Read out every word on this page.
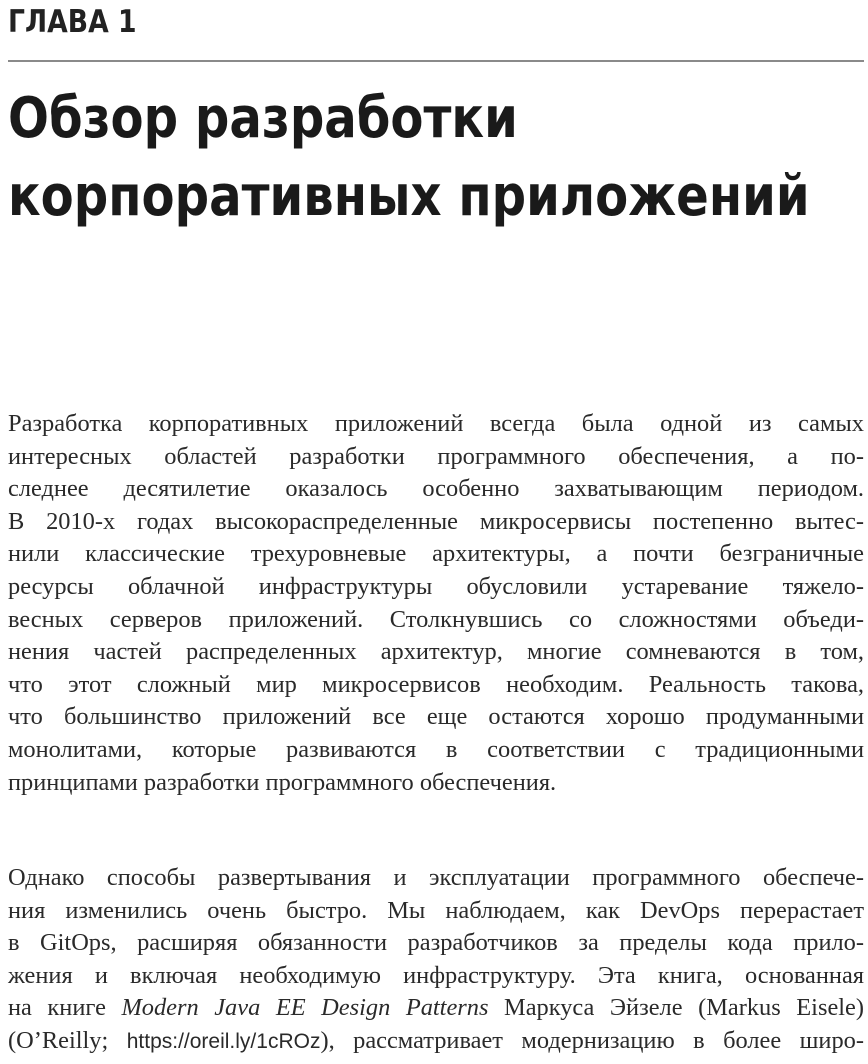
ГЛАВА 1
Обзор разработки
корпоративных приложений
Разработка корпоративных приложений всегда была одной из самых
интересных областей разработки программного обеспечения, а по-
следнее десятилетие оказалось особенно захватывающим периодом.
В 2010-х годах высокораспределенные микросервисы постепенно вытес-
нили классические трехуровневые архитектуры, а почти безграничные
ресурсы облачной инфраструктуры обусловили устаревание тяжело-
весных серверов приложений. Столкнувшись со сложностями объеди-
нения частей распределенных архитектур, многие сомневаются в том,
что этот сложный мир микросервисов необходим. Реальность такова,
что большинство приложений все еще остаются хорошо продуманными
монолитами, которые развиваются в соответствии с традиционными
принципами разработки программного обеспечения.
Однако способы развертывания и эксплуатации программного обеспече-
ния изменились очень быстро. Мы наблюдаем, как DevOps перерастает
в GitOps, расширяя обязанности разработчиков за пределы кода прило-
жения и включая необходимую инфраструктуру. Эта книга, основанная
на книге Modern Java EE Design Patterns Маркуса Эйзеле (Markus Eisele)
(O’Reilly; https://oreil.ly/1cROz), рассматривает модернизацию в более широ-
